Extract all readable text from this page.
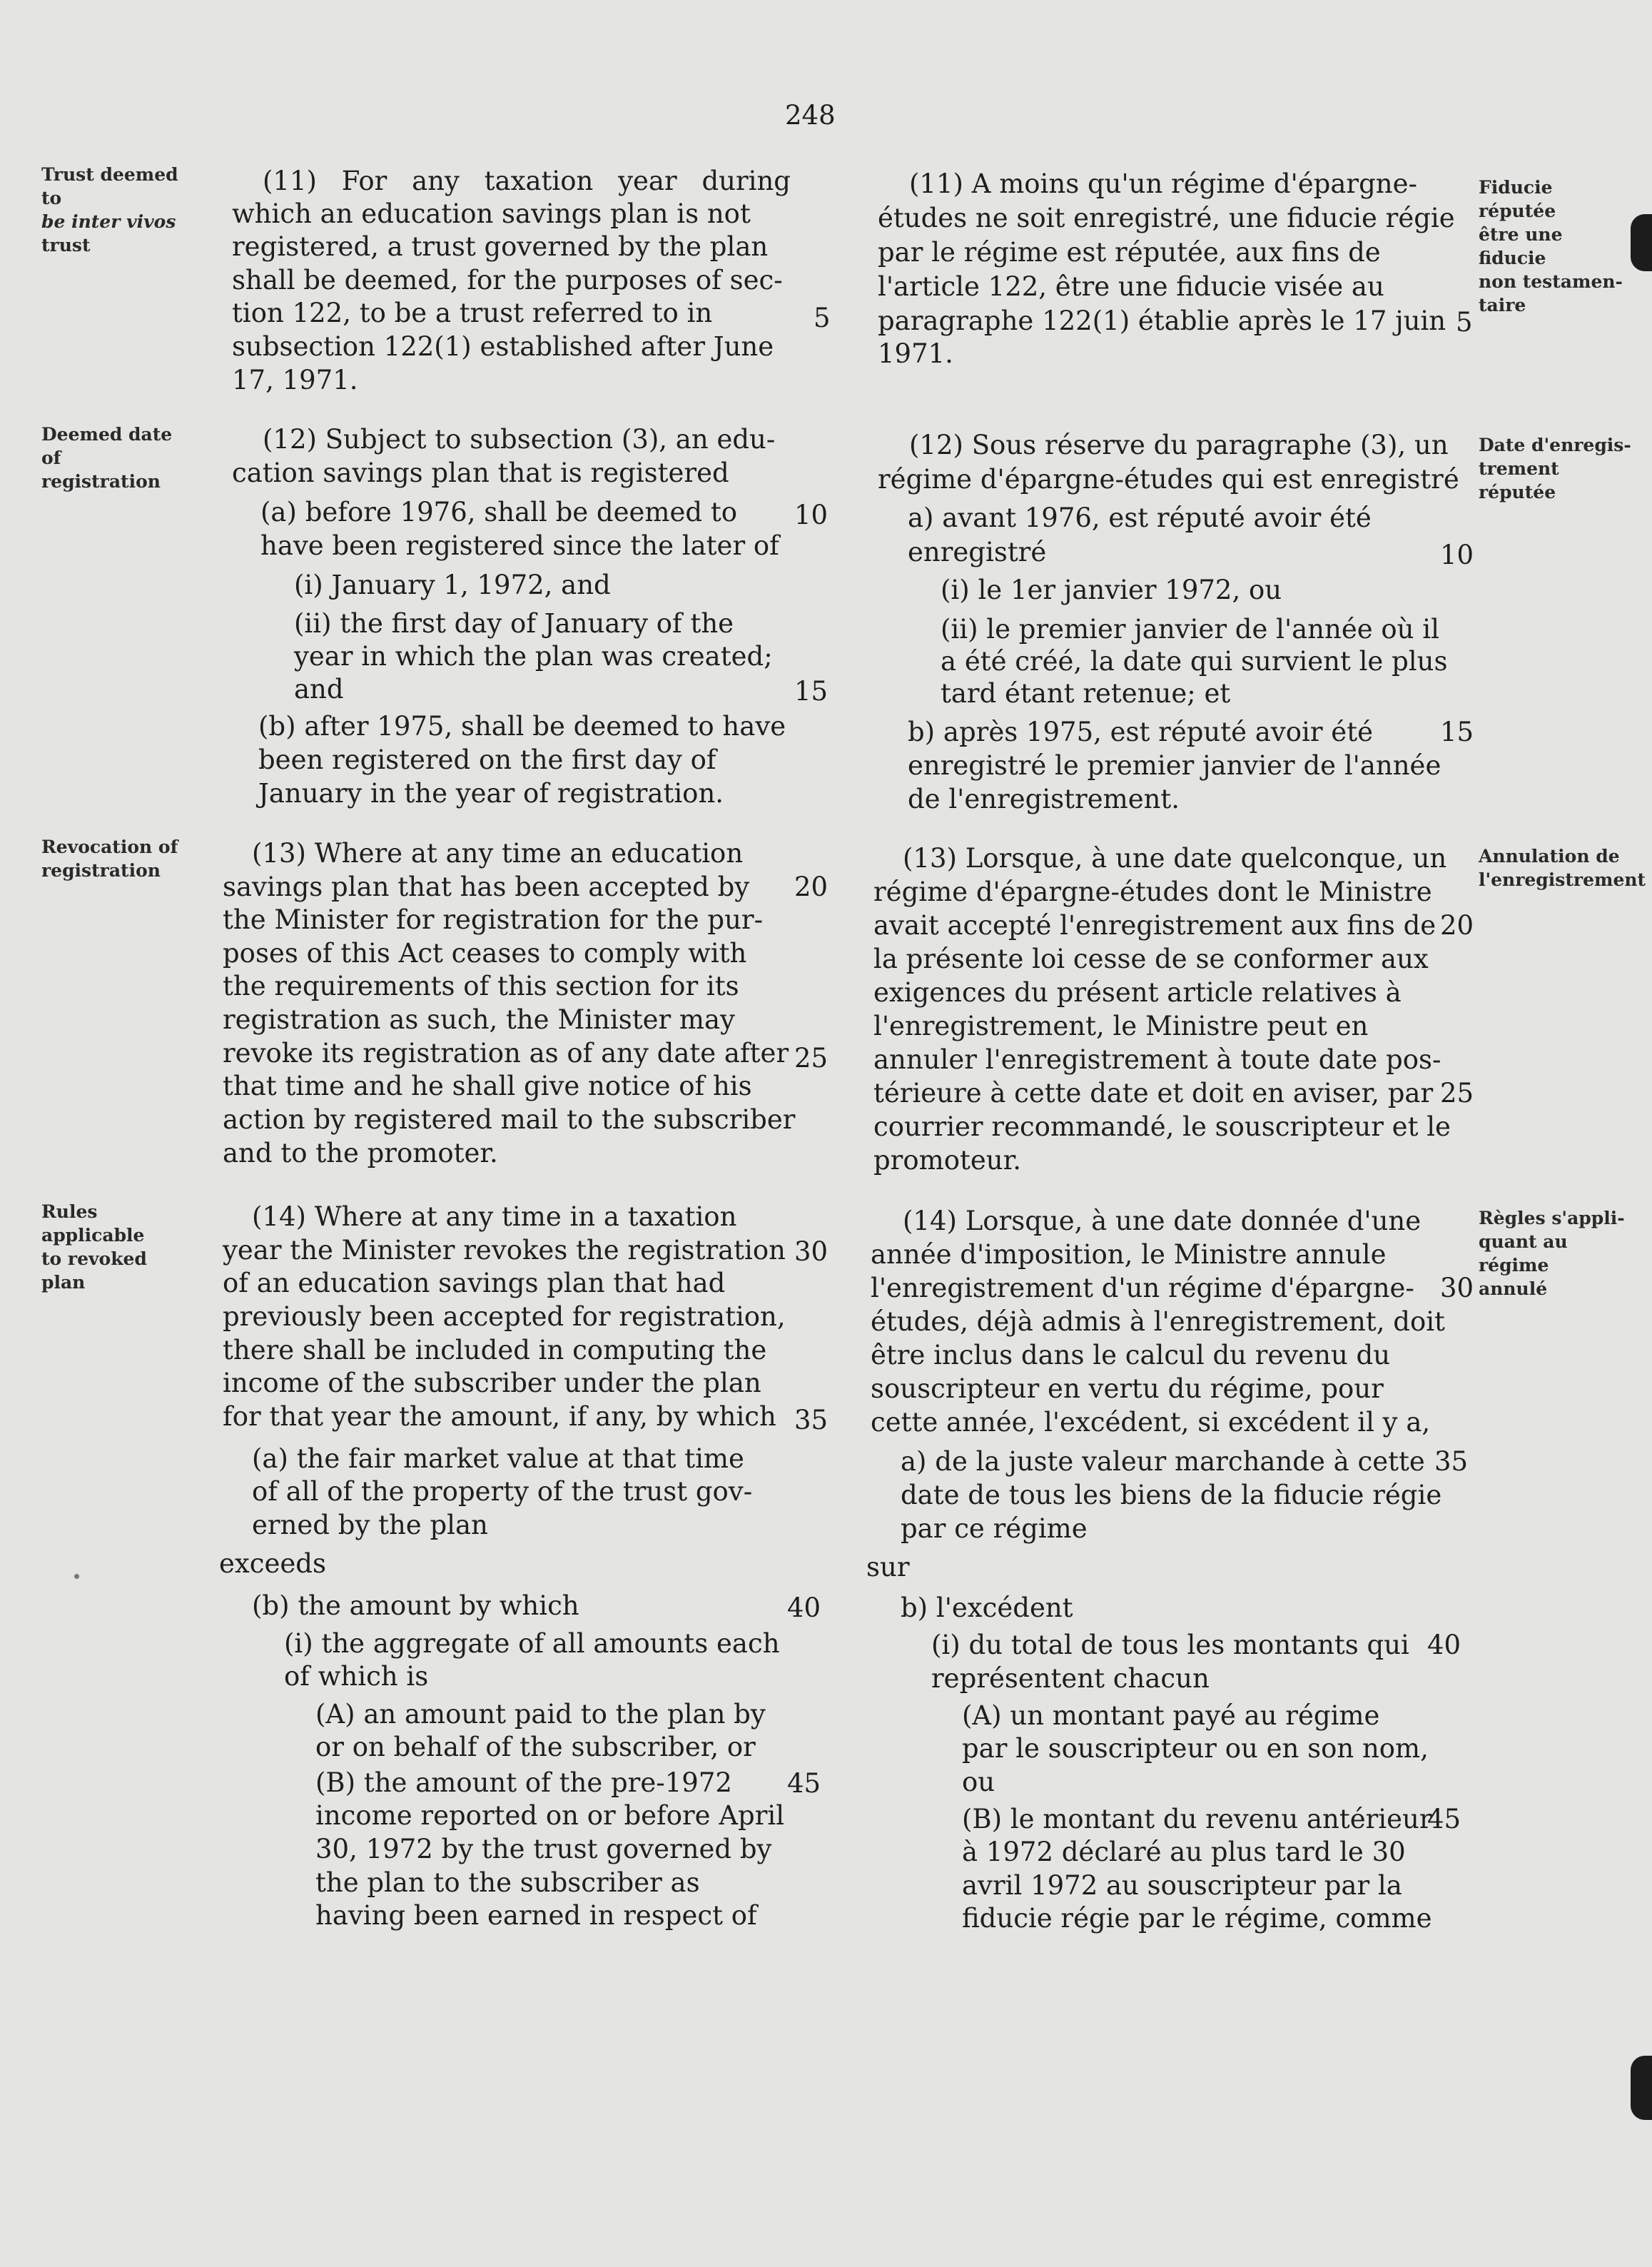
248
Trust deemed to
be inter vivos
trust
Deemed date of
registration
Revocation of
registration
Rules applicable
to revoked plan
Fiducie réputée
être une fiducie
non testamen-
taire
Date d'enregis-
trement réputée
Annulation de
l'enregistrement
Règles s'appli-
quant au régime
annulé
(11) For any taxation year during
which an education savings plan is not
registered, a trust governed by the plan
shall be deemed, for the purposes of sec-
tion 122, to be a trust referred to in
subsection 122(1) established after June
17, 1971.
(12) Subject to subsection (3), an edu-
cation savings plan that is registered
(a) before 1976, shall be deemed to
have been registered since the later of
(i) January 1, 1972, and
(ii) the first day of January of the
year in which the plan was created;
and
(b) after 1975, shall be deemed to have
been registered on the first day of
January in the year of registration.
(13) Where at any time an education
savings plan that has been accepted by
the Minister for registration for the pur-
poses of this Act ceases to comply with
the requirements of this section for its
registration as such, the Minister may
revoke its registration as of any date after
that time and he shall give notice of his
action by registered mail to the subscriber
and to the promoter.
(14) Where at any time in a taxation
year the Minister revokes the registration
of an education savings plan that had
previously been accepted for registration,
there shall be included in computing the
income of the subscriber under the plan
for that year the amount, if any, by which
(a) the fair market value at that time
of all of the property of the trust gov-
erned by the plan
exceeds
(b) the amount by which
(i) the aggregate of all amounts each
of which is
(A) an amount paid to the plan by
or on behalf of the subscriber, or
(B) the amount of the pre-1972
income reported on or before April
30, 1972 by the trust governed by
the plan to the subscriber as
having been earned in respect of
5
10
15
20
25
30
35
40
45
(11) A moins qu'un régime d'épargne-
études ne soit enregistré, une fiducie régie
par le régime est réputée, aux fins de
l'article 122, être une fiducie visée au
paragraphe 122(1) établie après le 17 juin
1971.
(12) Sous réserve du paragraphe (3), un
régime d'épargne-études qui est enregistré
a) avant 1976, est réputé avoir été
enregistré
(i) le 1er janvier 1972, ou
(ii) le premier janvier de l'année où il
a été créé, la date qui survient le plus
tard étant retenue; et
b) après 1975, est réputé avoir été
enregistré le premier janvier de l'année
de l'enregistrement.
(13) Lorsque, à une date quelconque, un
régime d'épargne-études dont le Ministre
avait accepté l'enregistrement aux fins de
la présente loi cesse de se conformer aux
exigences du présent article relatives à
l'enregistrement, le Ministre peut en
annuler l'enregistrement à toute date pos-
térieure à cette date et doit en aviser, par
courrier recommandé, le souscripteur et le
promoteur.
(14) Lorsque, à une date donnée d'une
année d'imposition, le Ministre annule
l'enregistrement d'un régime d'épargne-
études, déjà admis à l'enregistrement, doit
être inclus dans le calcul du revenu du
souscripteur en vertu du régime, pour
cette année, l'excédent, si excédent il y a,
a) de la juste valeur marchande à cette
date de tous les biens de la fiducie régie
par ce régime
sur
b) l'excédent
(i) du total de tous les montants qui
représentent chacun
(A) un montant payé au régime
par le souscripteur ou en son nom,
ou
(B) le montant du revenu antérieur
à 1972 déclaré au plus tard le 30
avril 1972 au souscripteur par la
fiducie régie par le régime, comme
5
10
15
20
25
30
35
40
45
